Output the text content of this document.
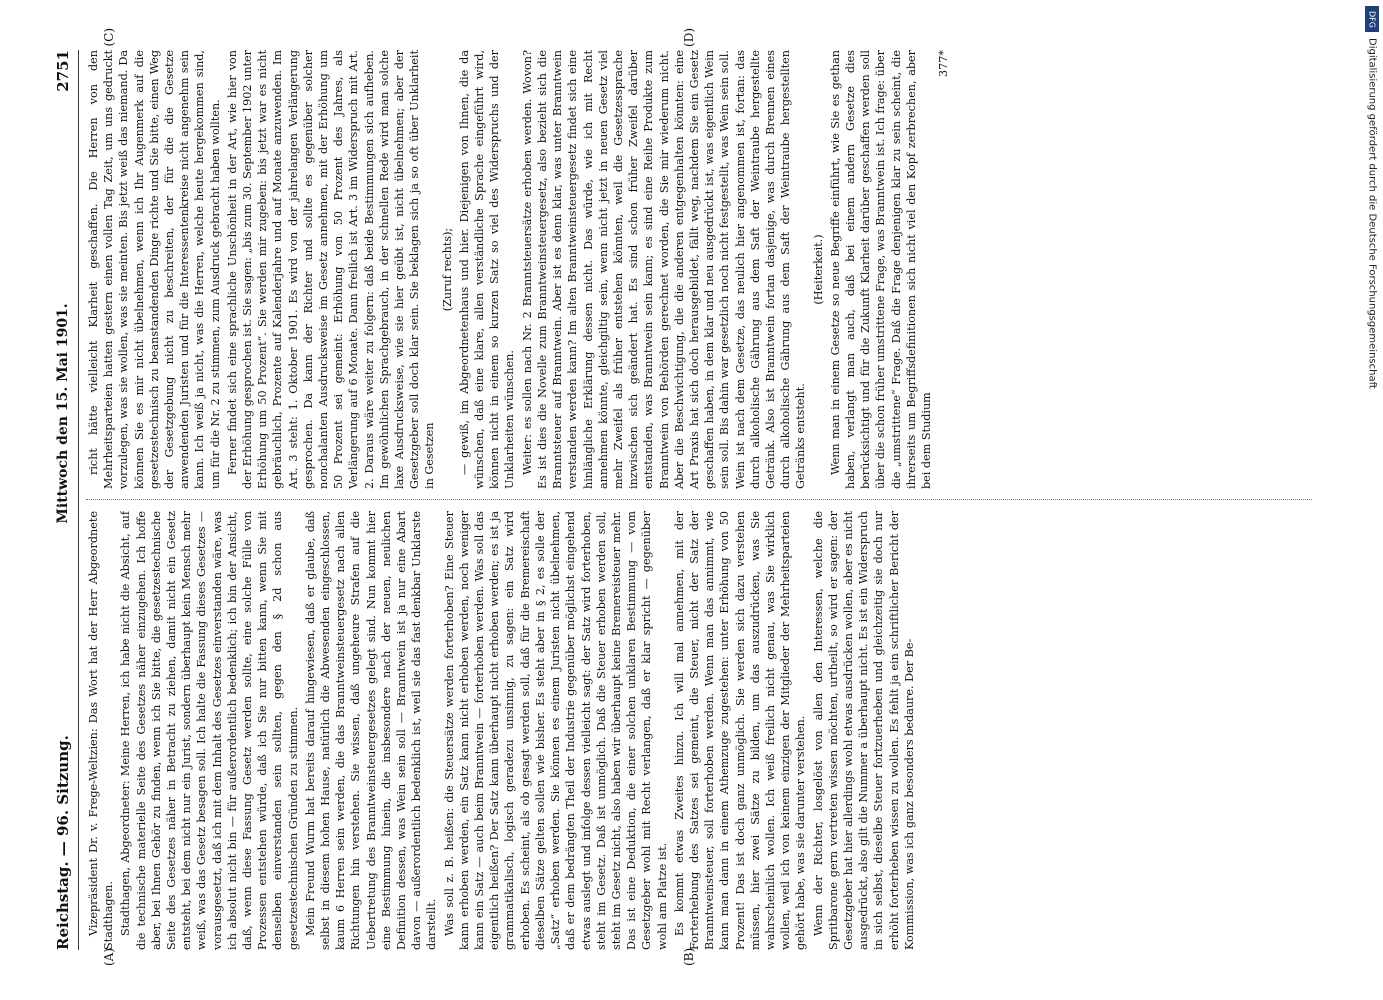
Reichstag. — 96. Sitzung.
Mittwoch den 15. Mai 1901.
2751

Vizepräsident Dr. v. Frege-Weltzien: Das Wort hat der Herr Abgeordnete Stadthagen. Stadthagen, Abgeordneter: Meine Herren, ich habe nicht die Absicht, auf die technische materielle Seite des Gesetzes näher einzugehen. Ich hoffe aber, bei Ihnen Gehör zu finden, wenn ich Sie bitte, die gesetzestechnische Seite des Gesetzes näher in Betracht zu ziehen, damit nicht ein Gesetz entsteht, bei dem nicht nur ein Jurist, sondern überhaupt kein Mensch mehr weiß, was das Gesetz besagen soll. Ich halte die Fassung dieses Gesetzes — vorausgesetzt, daß ich mit dem Inhalt des Gesetzes einverstanden wäre, was ich absolut nicht bin — für außerordentlich bedenklich; ich bin der Ansicht, daß, wenn diese Fassung Gesetz werden sollte, eine solche Fülle von Prozessen entstehen würde, daß ich Sie nur bitten kann, wenn Sie mit denselben einverstanden sein sollten, gegen den § 2d schon aus gesetzestechnischen Gründen zu stimmen. Mein Freund Wurm hat bereits darauf hingewiesen, daß er glaube, daß selbst in diesem hohen Hause, natürlich die Abwesenden eingeschlossen, kaum 6 Herren sein werden, die das Branntweinsteuergesetz nach allen Richtungen hin verstehen. Sie wissen, daß ungeheure Strafen auf die Uebertretung des Branntweinsteuergesetzes gelegt sind. Nun kommt hier eine Bestimmung hinein, die insbesondere nach der neuen, neulichen Definition dessen, was Wein sein soll — Branntwein ist ja nur eine Abart davon — außerordentlich bedenklich ist, weil sie das fast denkbar Unklarste darstellt. Was soll z. B. heißen: die Steuersätze werden forterhoben? Eine Steuer kann erhoben werden, ein Satz kann nicht erhoben werden, noch weniger kann ein Satz — auch beim Branntwein — forterhoben werden. Was soll das eigentlich heißen? Der Satz kann überhaupt nicht erhoben werden; es ist ja grammatikalisch, logisch geradezu unsinnig, zu sagen: ein Satz wird erhoben. Es scheint, als ob gesagt werden soll, daß für die Bremereischaft dieselben Sätze gelten sollen wie bisher. Es steht aber in § 2, es solle der „Satz“ erhoben werden. Sie können es einem Juristen nicht übelnehmen, daß er dem bedrängten Theil der Industrie gegenüber möglichst eingehend etwas auslegt und infolge dessen vielleicht sagt: der Satz wird forterhoben, steht im Gesetz. Daß ist unmöglich. Daß die Steuer erhoben werden soll, steht im Gesetz nicht, also haben wir überhaupt keine Bremereisteuer mehr. Das ist eine Deduktion, die einer solchen unklaren Bestimmung — vom Gesetzgeber wohl mit Recht verlangen, daß er klar spricht — gegenüber wohl am Platze ist. Es kommt etwas Zweites hinzu. Ich will mal annehmen, mit der Forterhebung des Satzes sei gemeint, die Steuer, nicht der Satz der Branntweinsteuer, soll forterhoben werden. Wenn man das annimmt, wie kann man dann in einem Athemzuge zugestehen: unter Erhöhung von 50 Prozent! Das ist doch ganz unmöglich. Sie werden sich dazu verstehen müssen, hier zwei Sätze zu bilden, um das auszudrücken, was Sie wahrscheinlich wollen. Ich weiß freilich nicht genau, was Sie wirklich wollen, weil ich von keinem einzigen der Mitglieder der Mehrheitsparteien gehört habe, was sie darunter verstehen. Wenn der Richter, losgelöst von allen den Interessen, welche die Spritbarone gern vertreten wissen möchten, urtheilt, so wird er sagen: der Gesetzgeber hat hier allerdings wohl etwas ausdrücken wollen, aber es nicht ausgedrückt, also gilt die Nummer a überhaupt nicht. Es ist ein Widerspruch in sich selbst, dieselbe Steuer fortzuerheben und gleichzeitig sie doch nur erhöht forterheben wissen zu wollen. Es fehlt ja ein schriftlicher Bericht der Kommission, was ich ganz besonders bedaure. Der Be-

richt hätte vielleicht Klarheit geschaffen. Die Herren von den Mehrheitsparteien hatten gestern einen vollen Tag Zeit, um uns gedruckt vorzulegen, was sie wollen, was sie meinten. Bis jetzt weiß das niemand. Da können Sie es mir nicht übelnehmen, wenn ich Ihr Augenmerk auf die gesetzestechnisch zu beanstandenden Dinge richte und Sie bitte, einen Weg der Gesetzgebung nicht zu beschreiten, der für die die Gesetze anwendenden Juristen und für die Interessentenkreise nicht angenehm sein kann. Ich weiß ja nicht, was die Herren, welche heute hergekommen sind, um für die Nr. 2 zu stimmen, zum Ausdruck gebracht haben wollten. Ferner findet sich eine sprachliche Unschönheit in der Art, wie hier von der Erhöhung gesprochen ist. Sie sagen: „bis zum 30. September 1902 unter Erhöhung um 50 Prozent“. Sie werden mir zugeben: bis jetzt war es nicht gebräuchlich, Prozente auf Kalenderjahre und auf Monate anzuwenden. Im Art. 3 steht: 1. Oktober 1901. Es wird von der jahrelangen Verlängerung gesprochen. Da kann der Richter und sollte es gegenüber solcher nonchalanten Ausdrucksweise im Gesetz annehmen, mit der Erhöhung um 50 Prozent sei gemeint: Erhöhung von 50 Prozent des Jahres, als Verlängerung auf 6 Monate. Dann freilich ist Art. 3 im Widerspruch mit Art. 2. Daraus wäre weiter zu folgern: daß beide Bestimmungen sich aufheben. Im gewöhnlichen Sprachgebrauch, in der schnellen Rede wird man solche laxe Ausdrucksweise, wie sie hier geübt ist, nicht übelnehmen; aber der Gesetzgeber soll doch klar sein. Sie beklagen sich ja so oft über Unklarheit in Gesetzen

(Zuruf rechts); — gewiß, im Abgeordnetenhaus und hier. Diejenigen von Ihnen, die da wünschen, daß eine klare, allen verständliche Sprache eingeführt wird, können nicht in einem so kurzen Satz so viel des Widerspruchs und der Unklarheiten wünschen. Weiter: es sollen nach Nr. 2 Branntsteuersätze erhoben werden. Wovon? Es ist dies die Novelle zum Branntweinsteuergesetz, also bezieht sich die Branntsteuer auf Branntwein. Aber ist es denn klar, was unter Branntwein verstanden werden kann? Im alten Branntweinsteuergesetz findet sich eine hinlängliche Erklärung dessen nicht. Das würde, wie ich mit Recht annehmen könnte, gleichgiltig sein, wenn nicht jetzt in neuen Gesetz viel mehr Zweifel als früher entstehen könnten, weil die Gesetzessprache inzwischen sich geändert hat. Es sind schon früher Zweifel darüber entstanden, was Branntwein sein kann; es sind eine Reihe Produkte zum Branntwein von Behörden gerechnet worden, die Sie mir wiederum nicht. Aber die Beschwichtigung, die die anderen entgegenhalten könnten: eine Art Praxis hat sich doch herausgebildet, fällt weg, nachdem Sie ein Gesetz geschaffen haben, in dem klar und neu ausgedrückt ist, was eigentlich Wein sein soll. Bis dahin war gesetzlich noch nicht festgestellt, was Wein sein soll. Wein ist nach dem Gesetze, das neulich hier angenommen ist, fortan: das durch alkoholische Gährung aus dem Saft der Weintraube hergestellte Getränk. Also ist Branntwein fortan dasjenige, was durch Brennen eines durch alkoholische Gährung aus dem Saft der Weintraube hergestellten Getränks entsteht.

(Heiterkeit.) Wenn man in einem Gesetze so neue Begriffe einführt, wie Sie es gethan haben, verlangt man auch, daß bei einem andern Gesetze dies berücksichtigt und für die Zukunft Klarheit darüber geschaffen werden soll über die schon früher umstrittene Frage, was Branntwein ist. Ich frage: über die „umstrittene“ Frage. Daß die Frage denjenigen klar zu sein scheint, die ihrerseits um Begriffsdefinitionen sich nicht viel den Kopf zerbrechen, aber bei dem Studium

377*

(A)	(B)
(C)	(D)
DFG
Digitalisierung gefördert durch die Deutsche Forschungsgemeinschaft
